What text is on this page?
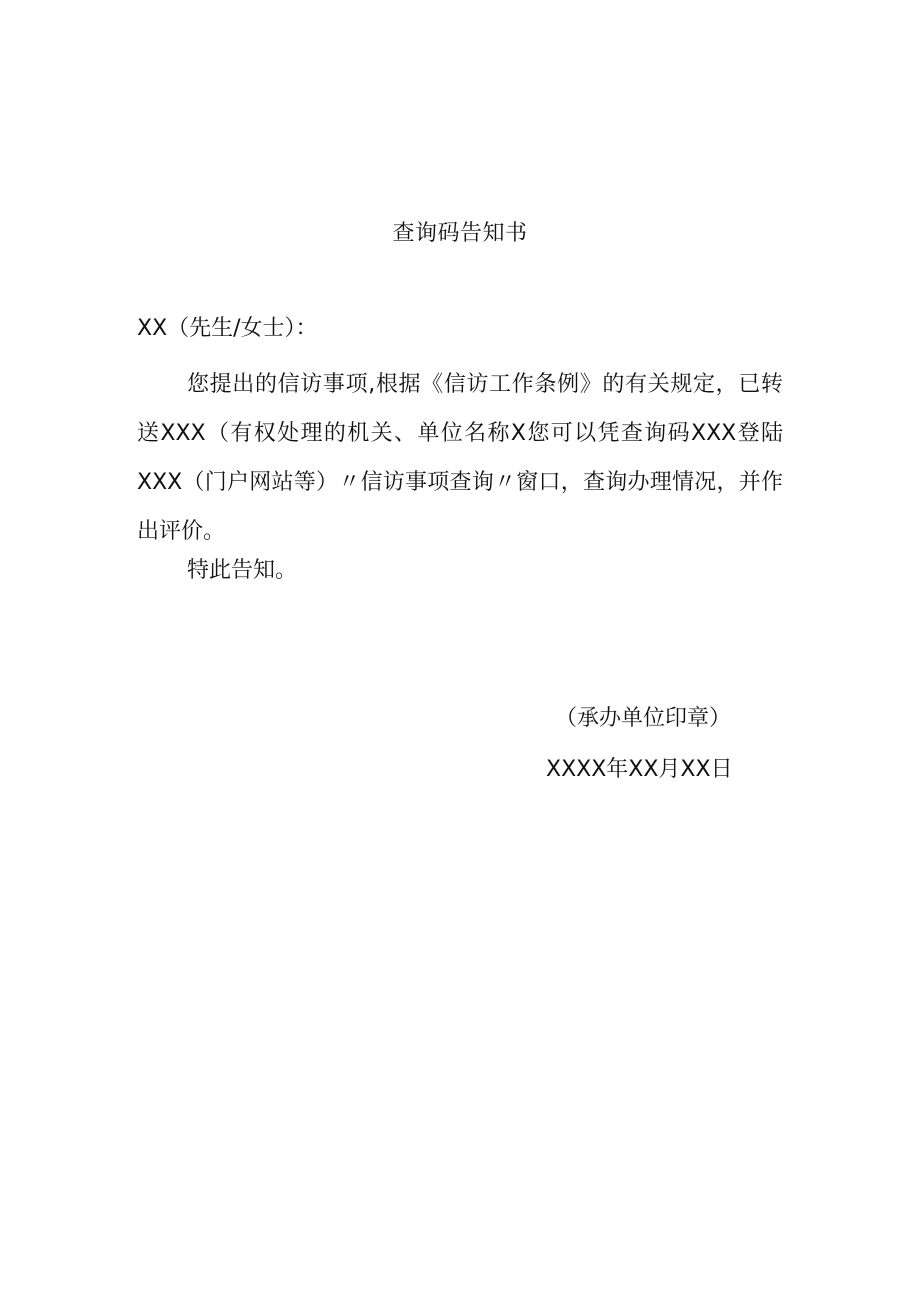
查询码告知书
XX（先生/女士）：

您提出的信访事项,根据《信访工作条例》的有关规定，已转送XXX（有权处理的机关、单位名称X您可以凭查询码XXX登陆XXX（门户网站等）〃信访事项查询〃窗口，查询办理情况，并作出评价。

特此告知。
（承办单位印章）
XXXX年XX月XX日
